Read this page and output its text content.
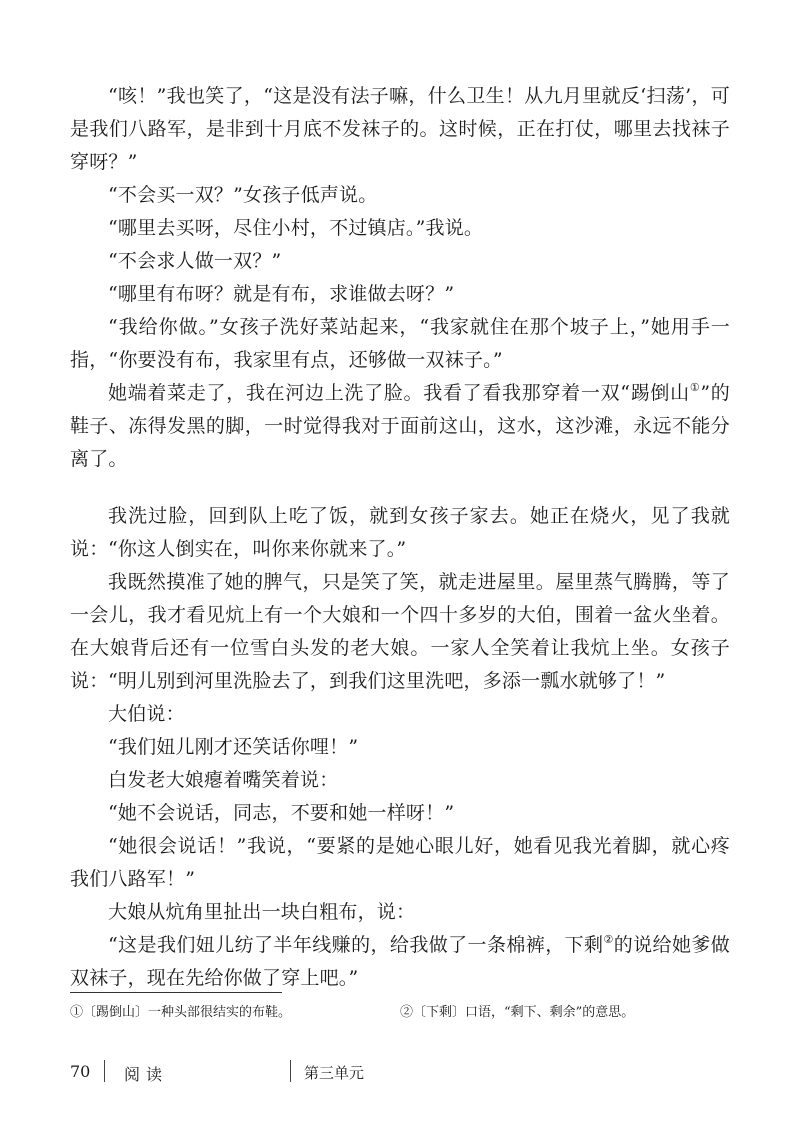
“咳！”我也笑了，“这是没有法子嘛，什么卫生！从九月里就反‘扫荡’，可是我们八路军，是非到十月底不发袜子的。这时候，正在打仗，哪里去找袜子穿呀？”

“不会买一双？”女孩子低声说。

“哪里去买呀，尽住小村，不过镇店。”我说。

“不会求人做一双？”

“哪里有布呀？就是有布，求谁做去呀？”

“我给你做。”女孩子洗好菜站起来，“我家就住在那个坡子上，”她用手一指，“你要没有布，我家里有点，还够做一双袜子。”

她端着菜走了，我在河边上洗了脸。我看了看我那穿着一双“踢倒山①”的鞋子、冻得发黑的脚，一时觉得我对于面前这山，这水，这沙滩，永远不能分离了。

我洗过脸，回到队上吃了饭，就到女孩子家去。她正在烧火，见了我就说： “你这人倒实在，叫你来你就来了。”

我既然摸准了她的脾气，只是笑了笑，就走进屋里。屋里蒸气腾腾，等了一会儿，我才看见炕上有一个大娘和一个四十多岁的大伯，围着一盆火坐着。在大娘背后还有一位雪白头发的老大娘。一家人全笑着让我炕上坐。女孩子说： “明儿别到河里洗脸去了，到我们这里洗吧，多添一瓢水就够了！”

大伯说：

“我们妞儿刚才还笑话你哩！”

白发老大娘瘪着嘴笑着说：

“她不会说话，同志，不要和她一样呀！”

“她很会说话！”我说，“要紧的是她心眼儿好，她看见我光着脚，就心疼我们八路军！”

大娘从炕角里扯出一块白粗布，说：

“这是我们妞儿纺了半年线赚的，给我做了一条棉裤，下剩②的说给她爹做双袜子，现在先给你做了穿上吧。”

①〔踢倒山〕一种头部很结实的布鞋。	②〔下剩〕口语，“剩下、剩余”的意思。
70 阅读	第三单元
